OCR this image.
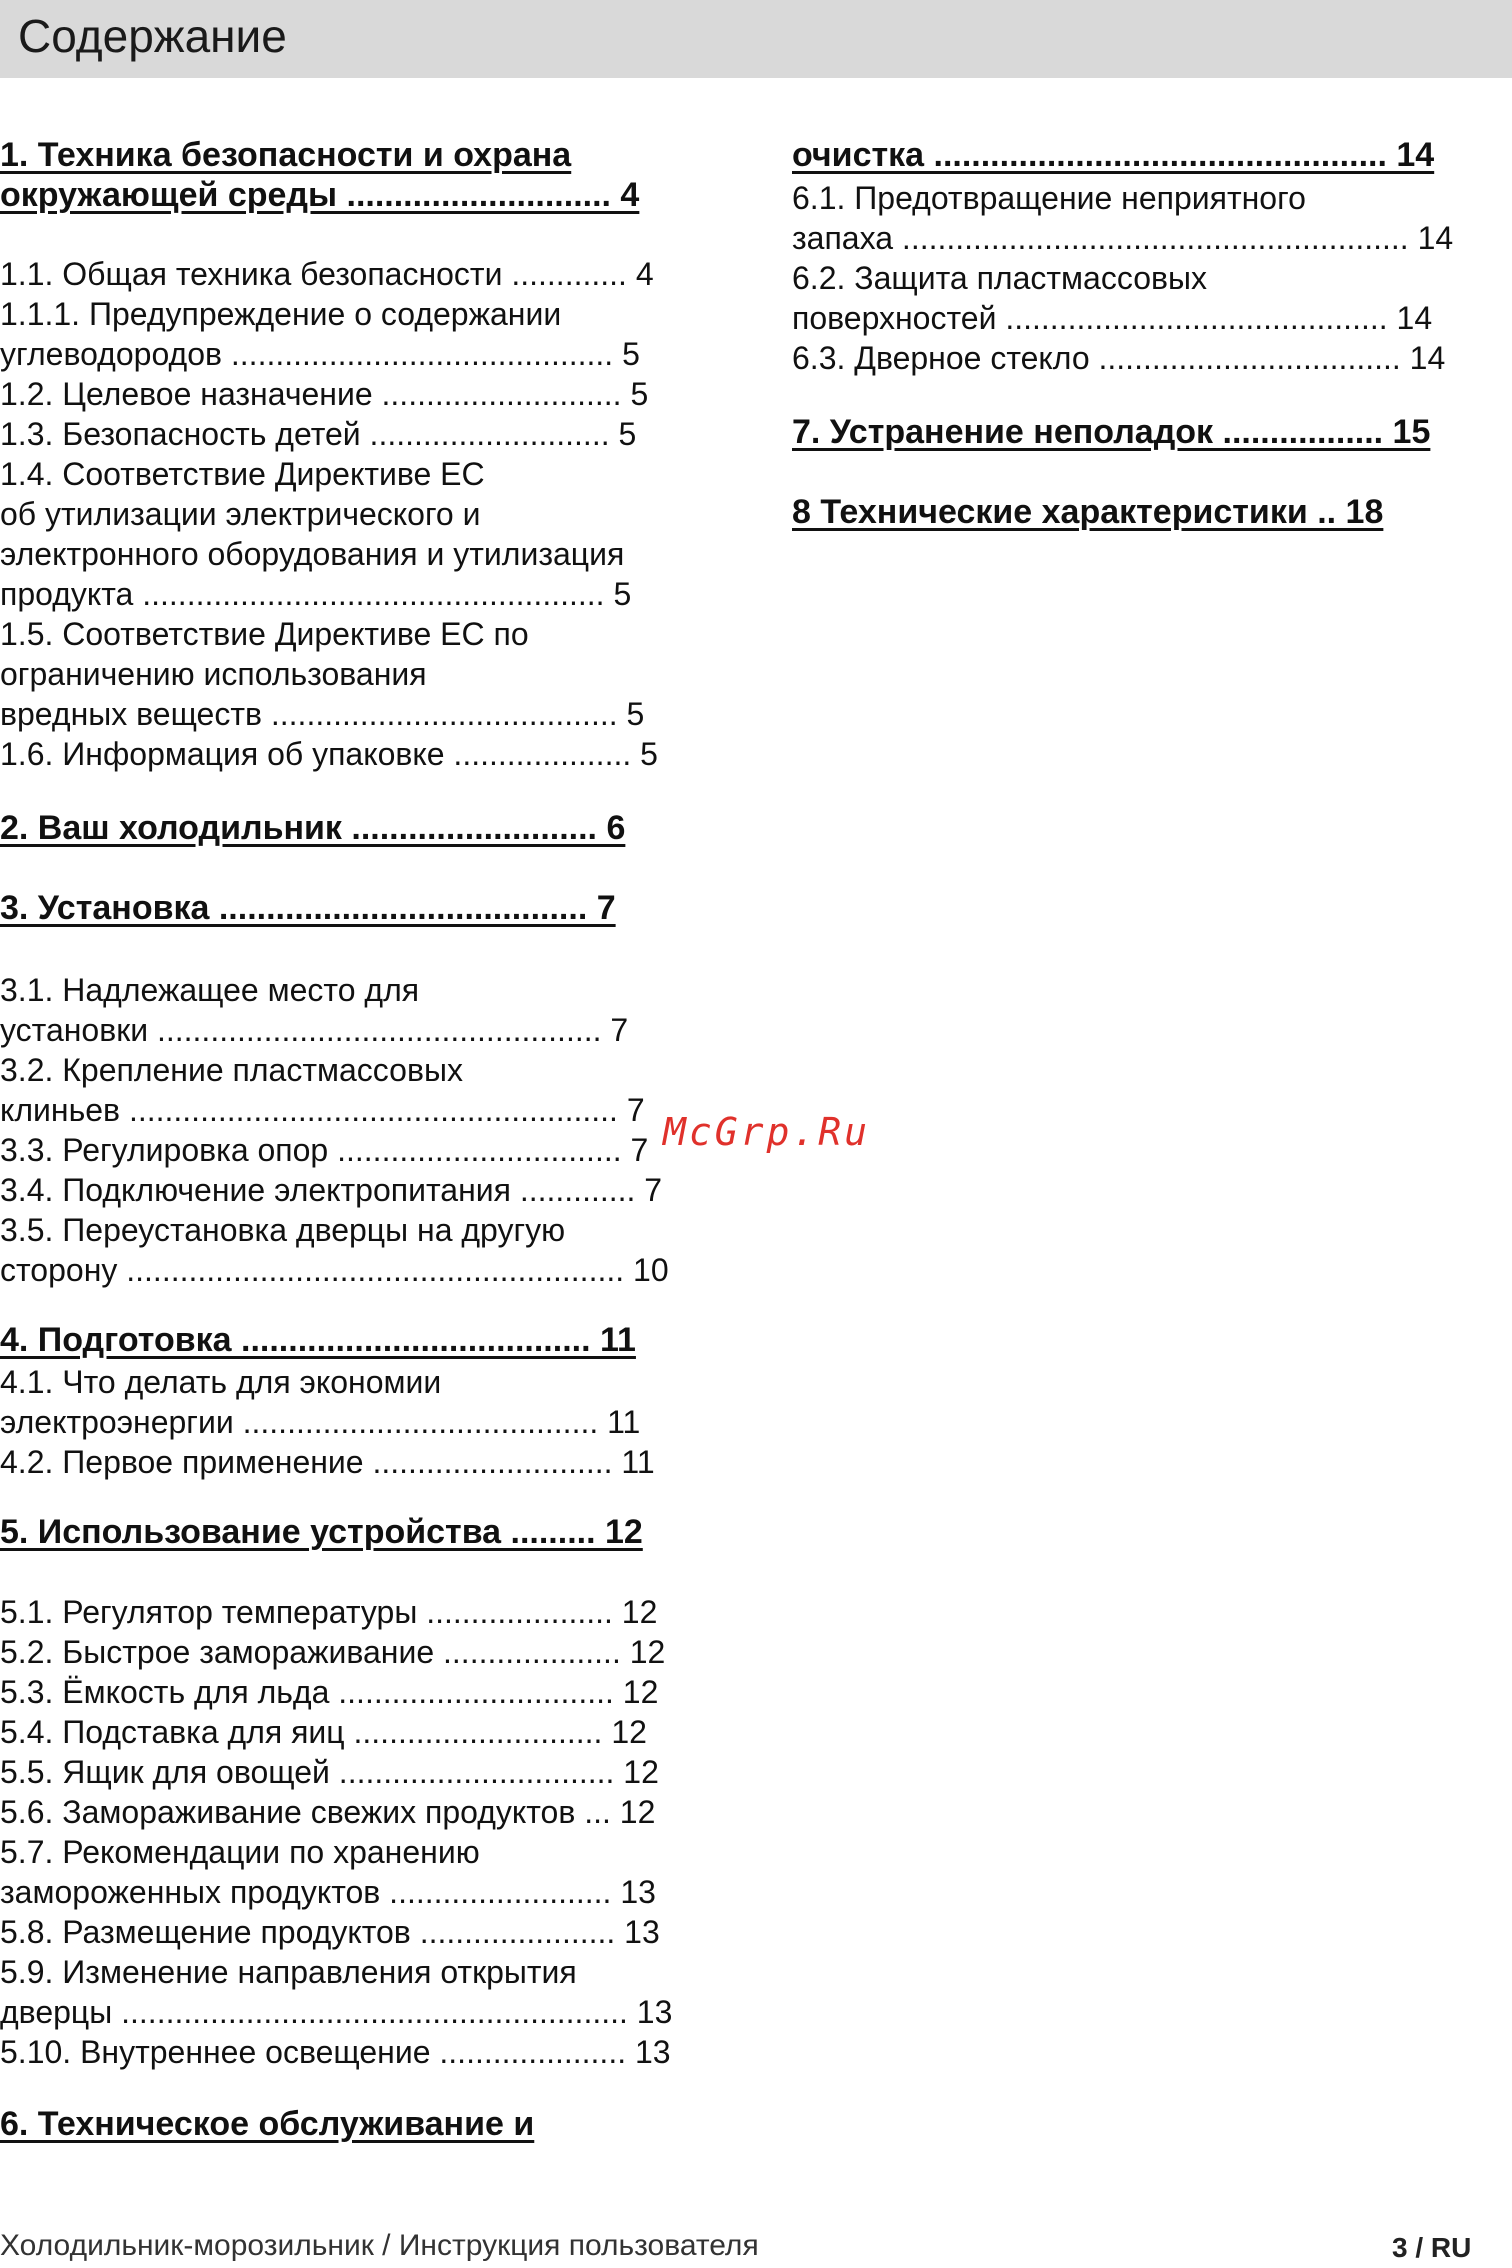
Содержание
1. Техника безопасности и охрана
окружающей среды ............................ 4
1.1. Общая техника безопасности ............. 4
1.1.1. Предупреждение о содержании
углеводородов ........................................... 5
1.2. Целевое назначение ........................... 5
1.3. Безопасность детей ........................... 5
1.4. Соответствие Директиве ЕС
об утилизации электрического и
электронного оборудования и утилизация
продукта .................................................... 5
1.5. Соответствие Директиве ЕС по
ограничению использования
вредных веществ ....................................... 5
1.6. Информация об упаковке .................... 5
2. Ваш холодильник .......................... 6
3. Установка ....................................... 7
3.1. Надлежащее место для
установки .................................................. 7
3.2. Крепление пластмассовых
клиньев ....................................................... 7
3.3. Регулировка опор ................................ 7
3.4. Подключение электропитания ............. 7
3.5. Переустановка дверцы на другую
сторону ........................................................ 10
4. Подготовка ..................................... 11
4.1. Что делать для экономии
электроэнергии ........................................ 11
4.2. Первое применение ........................... 11
5. Использование устройства ......... 12
5.1. Регулятор температуры ..................... 12
5.2. Быстрое замораживание .................... 12
5.3. Ёмкость для льда ............................... 12
5.4. Подставка для яиц ............................ 12
5.5. Ящик для овощей ............................... 12
5.6. Замораживание свежих продуктов ... 12
5.7. Рекомендации по хранению
замороженных продуктов ......................... 13
5.8. Размещение продуктов ...................... 13
5.9. Изменение направления открытия
дверцы ......................................................... 13
5.10. Внутреннее освещение ..................... 13
6. Техническое обслуживание и
очистка ................................................ 14
6.1. Предотвращение неприятного
запаха ......................................................... 14
6.2. Защита пластмассовых
поверхностей ........................................... 14
6.3. Дверное стекло .................................. 14
7. Устранение неполадок ................. 15
8 Технические характеристики .. 18
McGrp.Ru
Холодильник-морозильник / Инструкция пользователя	3 / RU
